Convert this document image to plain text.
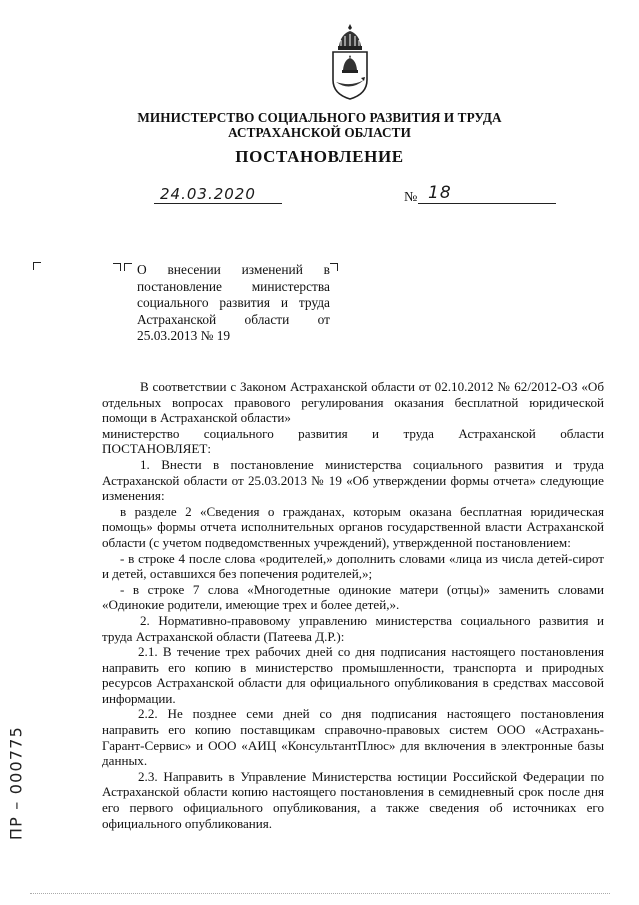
МИНИСТЕРСТВО СОЦИАЛЬНОГО РАЗВИТИЯ И ТРУДА
АСТРАХАНСКОЙ ОБЛАСТИ
ПОСТАНОВЛЕНИЕ
24.03.2020	№ 18
О внесении изменений в
постановление министерства
социального развития и труда
Астраханской области от
25.03.2013 № 19

В соответствии с Законом Астраханской области от 02.10.2012 № 62/2012-ОЗ «Об отдельных вопросах правового регулирования оказания бесплатной юридической помощи в Астраханской области»

министерство социального развития и труда Астраханской области

ПОСТАНОВЛЯЕТ:

1. Внести в постановление министерства социального развития и труда Астраханской области от 25.03.2013 № 19 «Об утверждении формы отчета» следующие изменения:

в разделе 2 «Сведения о гражданах, которым оказана бесплатная юридическая помощь» формы отчета исполнительных органов государственной власти Астраханской области (с учетом подведомственных учреждений), утвержденной постановлением:

- в строке 4 после слова «родителей,» дополнить словами «лица из числа детей-сирот и детей, оставшихся без попечения родителей,»;

- в строке 7 слова «Многодетные одинокие матери (отцы)» заменить словами «Одинокие родители, имеющие трех и более детей,».

2. Нормативно-правовому управлению министерства социального развития и труда Астраханской области (Патеева Д.Р.):

2.1. В течение трех рабочих дней со дня подписания настоящего постановления направить его копию в министерство промышленности, транспорта и природных ресурсов Астраханской области для официального опубликования в средствах массовой информации.

2.2. Не позднее семи дней со дня подписания настоящего постановления направить его копию поставщикам справочно-правовых систем ООО «Астрахань-Гарант-Сервис» и ООО «АИЦ «КонсультантПлюс» для включения в электронные базы данных.

2.3. Направить в Управление Министерства юстиции Российской Федерации по Астраханской области копию настоящего постановления в семидневный срок после дня его первого официального опубликования, а также сведения об источниках его официального опубликования.

ПР – 000775
